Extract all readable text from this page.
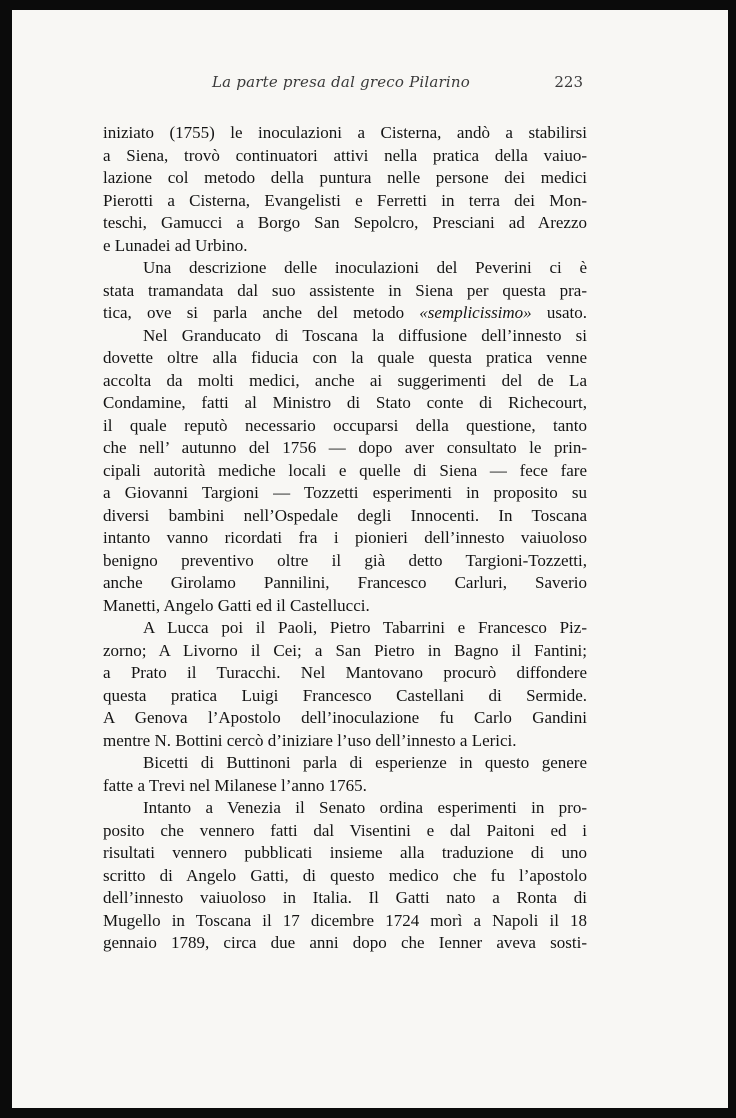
La parte presa dal greco Pilarino	223

iniziato (1755) le inoculazioni a Cisterna, andò a stabilirsi

a Siena, trovò continuatori attivi nella pratica della vaiuo-

lazione col metodo della puntura nelle persone dei medici

Pierotti a Cisterna, Evangelisti e Ferretti in terra dei Mon-

teschi, Gamucci a Borgo San Sepolcro, Presciani ad Arezzo

e Lunadei ad Urbino.

Una descrizione delle inoculazioni del Peverini ci è

stata tramandata dal suo assistente in Siena per questa pra-

tica, ove si parla anche del metodo «semplicissimo» usato.

Nel Granducato di Toscana la diffusione dell’innesto si

dovette oltre alla fiducia con la quale questa pratica venne

accolta da molti medici, anche ai suggerimenti del de La

Condamine, fatti al Ministro di Stato conte di Richecourt,

il quale reputò necessario occuparsi della questione, tanto

che nell’ autunno del 1756 — dopo aver consultato le prin-

cipali autorità mediche locali e quelle di Siena — fece fare

a Giovanni Targioni — Tozzetti esperimenti in proposito su

diversi bambini nell’Ospedale degli Innocenti. In Toscana

intanto vanno ricordati fra i pionieri dell’innesto vaiuoloso

benigno preventivo oltre il già detto Targioni-Tozzetti,

anche Girolamo Pannilini, Francesco Carluri, Saverio

Manetti, Angelo Gatti ed il Castellucci.

A Lucca poi il Paoli, Pietro Tabarrini e Francesco Piz-

zorno; A Livorno il Cei; a San Pietro in Bagno il Fantini;

a Prato il Turacchi. Nel Mantovano procurò diffondere

questa pratica Luigi Francesco Castellani di Sermide.

A Genova l’Apostolo dell’inoculazione fu Carlo Gandini

mentre N. Bottini cercò d’iniziare l’uso dell’innesto a Lerici.

Bicetti di Buttinoni parla di esperienze in questo genere

fatte a Trevi nel Milanese l’anno 1765.

Intanto a Venezia il Senato ordina esperimenti in pro-

posito che vennero fatti dal Visentini e dal Paitoni ed i

risultati vennero pubblicati insieme alla traduzione di uno

scritto di Angelo Gatti, di questo medico che fu l’apostolo

dell’innesto vaiuoloso in Italia. Il Gatti nato a Ronta di

Mugello in Toscana il 17 dicembre 1724 morì a Napoli il 18

gennaio 1789, circa due anni dopo che Ienner aveva sosti-
